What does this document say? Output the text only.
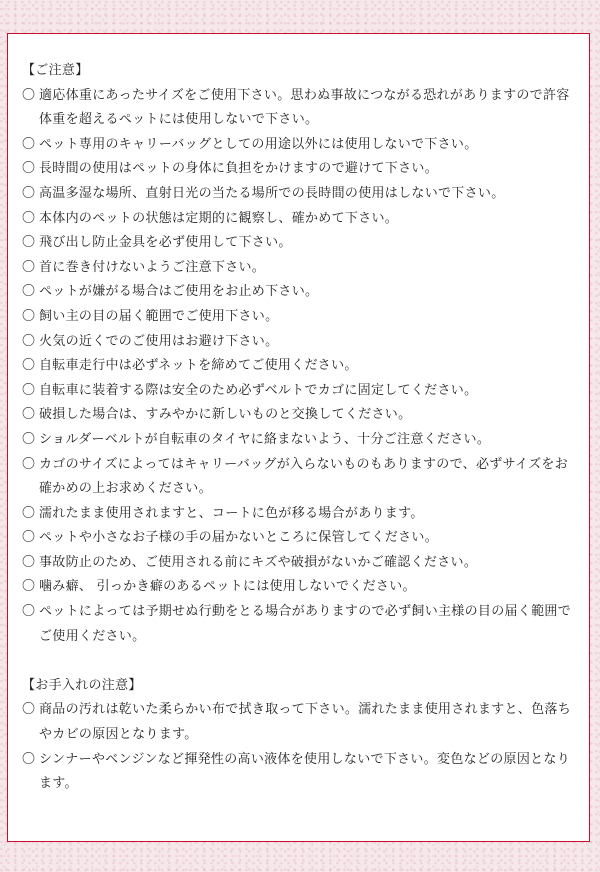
【ご注意】

〇 適応体重にあったサイズをご使用下さい。思わぬ事故につながる恐れがありますので許容体重を超えるペットには使用しないで下さい。

〇 ペット専用のキャリーバッグとしての用途以外には使用しないで下さい。

〇 長時間の使用はペットの身体に負担をかけますので避けて下さい。

〇 高温多湿な場所、直射日光の当たる場所での長時間の使用はしないで下さい。

〇 本体内のペットの状態は定期的に観察し、確かめて下さい。

〇 飛び出し防止金具を必ず使用して下さい。

〇 首に巻き付けないようご注意下さい。

〇 ペットが嫌がる場合はご使用をお止め下さい。

〇 飼い主の目の届く範囲でご使用下さい。

〇 火気の近くでのご使用はお避け下さい。

〇 自転車走行中は必ずネットを締めてご使用ください。

〇 自転車に装着する際は安全のため必ずベルトでカゴに固定してください。

〇 破損した場合は、すみやかに新しいものと交換してください。

〇 ショルダーベルトが自転車のタイヤに絡まないよう、十分ご注意ください。

〇 カゴのサイズによってはキャリーバッグが入らないものもありますので、必ずサイズをお確かめの上お求めください。

〇 濡れたまま使用されますと、コートに色が移る場合があります。

〇 ペットや小さなお子様の手の届かないところに保管してください。

〇 事故防止のため、ご使用される前にキズや破損がないかご確認ください。

〇 噛み癖、 引っかき癖のあるペットには使用しないでください。

〇 ペットによっては予期せぬ行動をとる場合がありますので必ず飼い主様の目の届く範囲でご使用ください。

【お手入れの注意】

〇 商品の汚れは乾いた柔らかい布で拭き取って下さい。濡れたまま使用されますと、色落ちやカビの原因となります。

〇 シンナーやベンジンなど揮発性の高い液体を使用しないで下さい。変色などの原因となります。
